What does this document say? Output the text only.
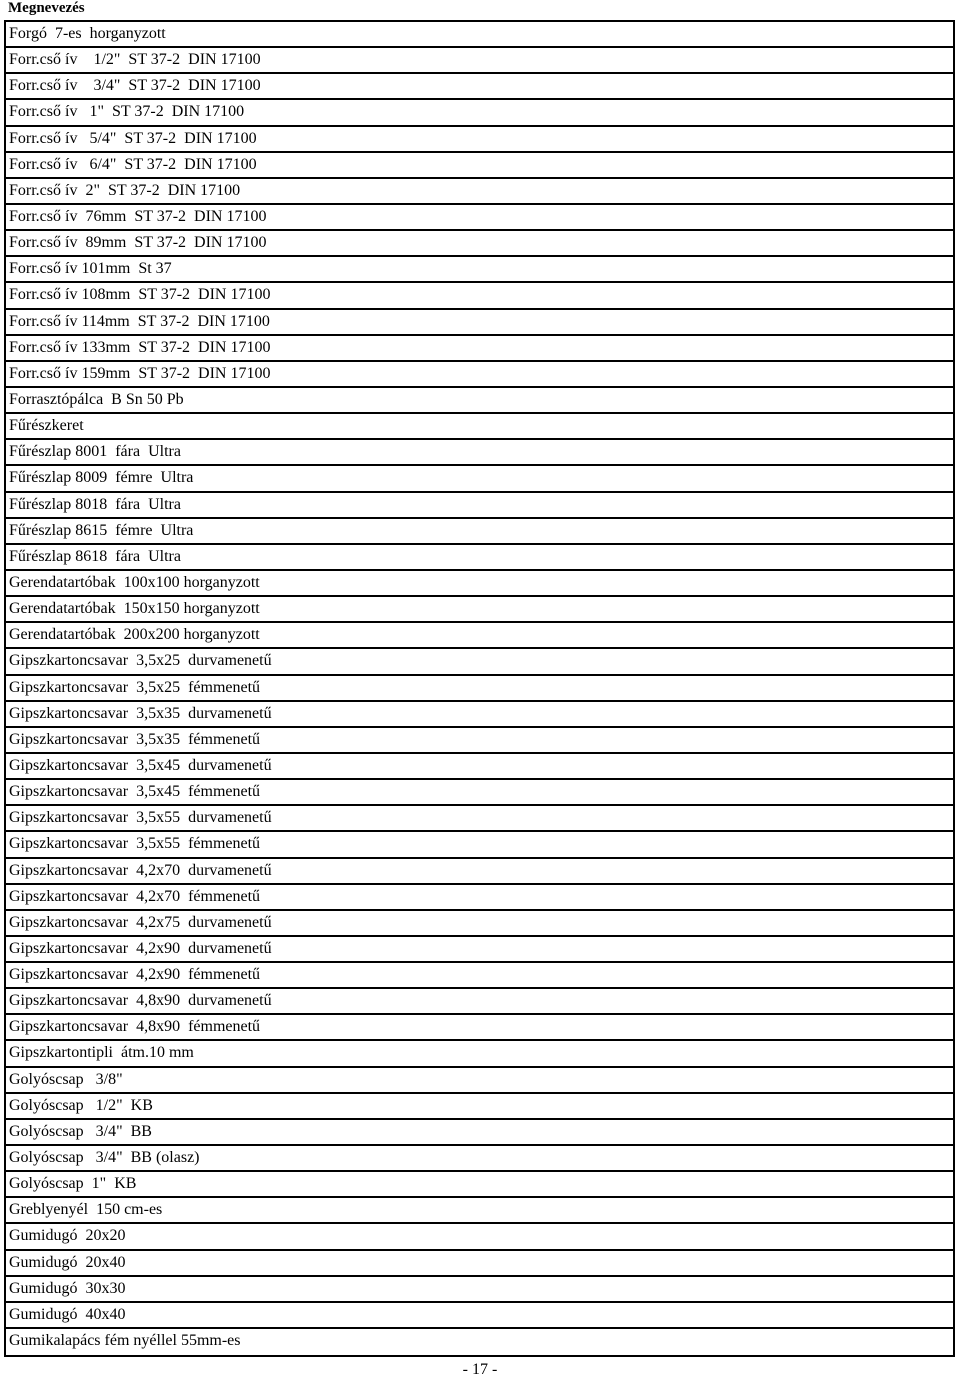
Megnevezés
Forgó  7-es  horganyzott
Forr.cső ív    1/2"  ST 37-2  DIN 17100
Forr.cső ív    3/4"  ST 37-2  DIN 17100
Forr.cső ív   1"  ST 37-2  DIN 17100
Forr.cső ív   5/4"  ST 37-2  DIN 17100
Forr.cső ív   6/4"  ST 37-2  DIN 17100
Forr.cső ív  2"  ST 37-2  DIN 17100
Forr.cső ív  76mm  ST 37-2  DIN 17100
Forr.cső ív  89mm  ST 37-2  DIN 17100
Forr.cső ív 101mm  St 37
Forr.cső ív 108mm  ST 37-2  DIN 17100
Forr.cső ív 114mm  ST 37-2  DIN 17100
Forr.cső ív 133mm  ST 37-2  DIN 17100
Forr.cső ív 159mm  ST 37-2  DIN 17100
Forrasztópálca  B Sn 50 Pb
Fűrészkeret
Fűrészlap 8001  fára  Ultra
Fűrészlap 8009  fémre  Ultra
Fűrészlap 8018  fára  Ultra
Fűrészlap 8615  fémre  Ultra
Fűrészlap 8618  fára  Ultra
Gerendatartóbak  100x100 horganyzott
Gerendatartóbak  150x150 horganyzott
Gerendatartóbak  200x200 horganyzott
Gipszkartoncsavar  3,5x25  durvamenetű
Gipszkartoncsavar  3,5x25  fémmenetű
Gipszkartoncsavar  3,5x35  durvamenetű
Gipszkartoncsavar  3,5x35  fémmenetű
Gipszkartoncsavar  3,5x45  durvamenetű
Gipszkartoncsavar  3,5x45  fémmenetű
Gipszkartoncsavar  3,5x55  durvamenetű
Gipszkartoncsavar  3,5x55  fémmenetű
Gipszkartoncsavar  4,2x70  durvamenetű
Gipszkartoncsavar  4,2x70  fémmenetű
Gipszkartoncsavar  4,2x75  durvamenetű
Gipszkartoncsavar  4,2x90  durvamenetű
Gipszkartoncsavar  4,2x90  fémmenetű
Gipszkartoncsavar  4,8x90  durvamenetű
Gipszkartoncsavar  4,8x90  fémmenetű
Gipszkartontipli  átm.10 mm
Golyóscsap   3/8"
Golyóscsap   1/2"  KB
Golyóscsap   3/4"  BB
Golyóscsap   3/4"  BB (olasz)
Golyóscsap  1"  KB
Greblyenyél  150 cm-es
Gumidugó  20x20
Gumidugó  20x40
Gumidugó  30x30
Gumidugó  40x40
Gumikalapács fém nyéllel 55mm-es
- 17 -
